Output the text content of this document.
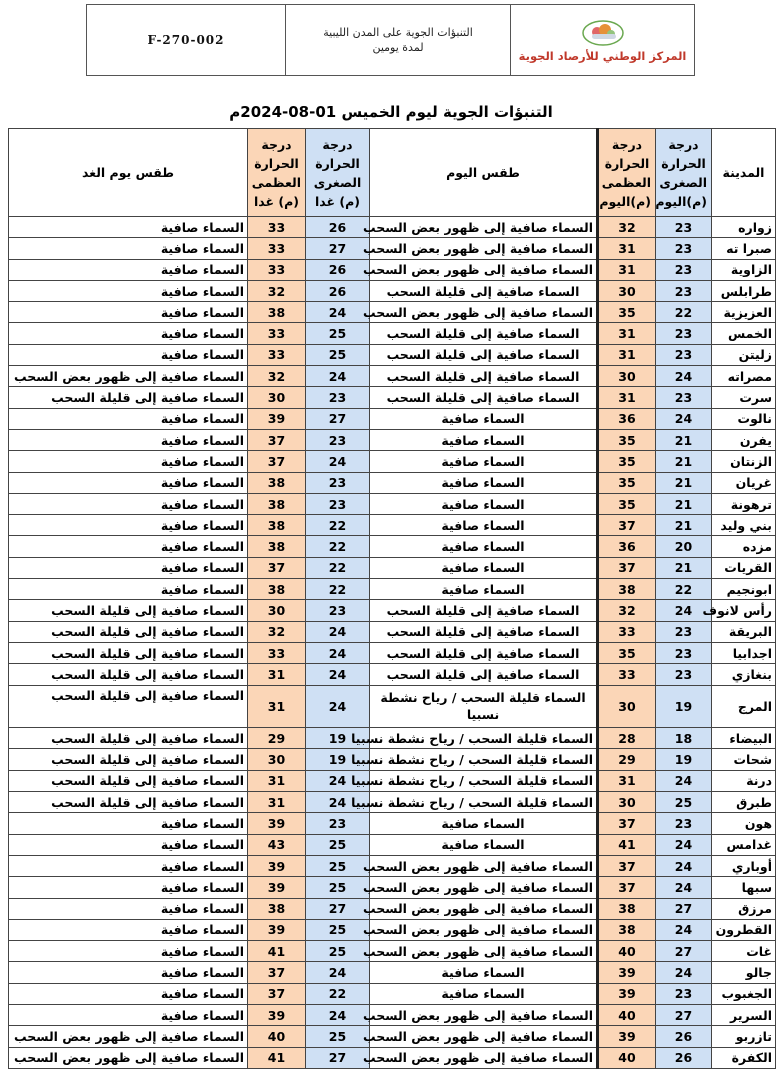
F-270-002
التنبؤات الجوية على المدن الليبية
لمدة يومين
المركز الوطني للأرصاد الجوية
التنبؤات الجوية ليوم الخميس 01-08-2024م
المدينة	درجة الحرارة الصغرى (م)اليوم	درجة الحرارة العظمى (م)اليوم	طقس اليوم	درجة الحرارة الصغرى (م) غدا	درجة الحرارة العظمى (م) غدا	طقس يوم الغد
زواره	23	32	السماء صافية إلى ظهور بعض السحب	26	33	السماء صافية
صبرا ته	23	31	السماء صافية إلى ظهور بعض السحب	27	33	السماء صافية
الزاوية	23	31	السماء صافية إلى ظهور بعض السحب	26	33	السماء صافية
طرابلس	23	30	السماء صافية إلى قليلة السحب	26	32	السماء صافية
العزيزية	22	35	السماء صافية إلى ظهور بعض السحب	24	38	السماء صافية
الخمس	23	31	السماء صافية إلى قليلة السحب	25	33	السماء صافية
زليتن	23	31	السماء صافية إلى قليلة السحب	25	33	السماء صافية
مصراته	24	30	السماء صافية إلى قليلة السحب	24	32	السماء صافية إلى ظهور بعض السحب
سرت	23	31	السماء صافية إلى قليلة السحب	23	30	السماء صافية إلى قليلة السحب
نالوت	24	36	السماء صافية	27	39	السماء صافية
يفرن	21	35	السماء صافية	23	37	السماء صافية
الزنتان	21	35	السماء صافية	24	37	السماء صافية
غريان	21	35	السماء صافية	23	38	السماء صافية
ترهونة	21	35	السماء صافية	23	38	السماء صافية
بني وليد	21	37	السماء صافية	22	38	السماء صافية
مزده	20	36	السماء صافية	22	38	السماء صافية
القريات	21	37	السماء صافية	22	37	السماء صافية
ابونجيم	22	38	السماء صافية	22	38	السماء صافية
رأس لانوف	24	32	السماء صافية إلى قليلة السحب	23	30	السماء صافية إلى قليلة السحب
البريقة	23	33	السماء صافية إلى قليلة السحب	24	32	السماء صافية إلى قليلة السحب
اجدابيا	23	35	السماء صافية إلى قليلة السحب	24	33	السماء صافية إلى قليلة السحب
بنغازي	23	33	السماء صافية إلى قليلة السحب	24	31	السماء صافية إلى قليلة السحب
المرج	19	30	السماء قليلة السحب / رياح نشطة نسبيا	24	31	السماء صافية إلى قليلة السحب
البيضاء	18	28	السماء قليلة السحب / رياح نشطة نسبيا	19	29	السماء صافية إلى قليلة السحب
شحات	19	29	السماء قليلة السحب / رياح نشطة نسبيا	19	30	السماء صافية إلى قليلة السحب
درنة	24	31	السماء قليلة السحب / رياح نشطة نسبيا	24	31	السماء صافية إلى قليلة السحب
طبرق	25	30	السماء قليلة السحب / رياح نشطة نسبيا	24	31	السماء صافية إلى قليلة السحب
هون	23	37	السماء صافية	23	39	السماء صافية
غدامس	24	41	السماء صافية	25	43	السماء صافية
أوباري	24	37	السماء صافية إلى ظهور بعض السحب	25	39	السماء صافية
سبها	24	37	السماء صافية إلى ظهور بعض السحب	25	39	السماء صافية
مرزق	27	38	السماء صافية إلى ظهور بعض السحب	27	38	السماء صافية
القطرون	24	38	السماء صافية إلى ظهور بعض السحب	25	39	السماء صافية
غات	27	40	السماء صافية إلى ظهور بعض السحب	25	41	السماء صافية
جالو	24	39	السماء صافية	24	37	السماء صافية
الجغبوب	23	39	السماء صافية	22	37	السماء صافية
السرير	27	40	السماء صافية إلى ظهور بعض السحب	24	39	السماء صافية
تازربو	26	39	السماء صافية إلى ظهور بعض السحب	25	40	السماء صافية إلى ظهور بعض السحب
الكفرة	26	40	السماء صافية إلى ظهور بعض السحب	27	41	السماء صافية إلى ظهور بعض السحب
